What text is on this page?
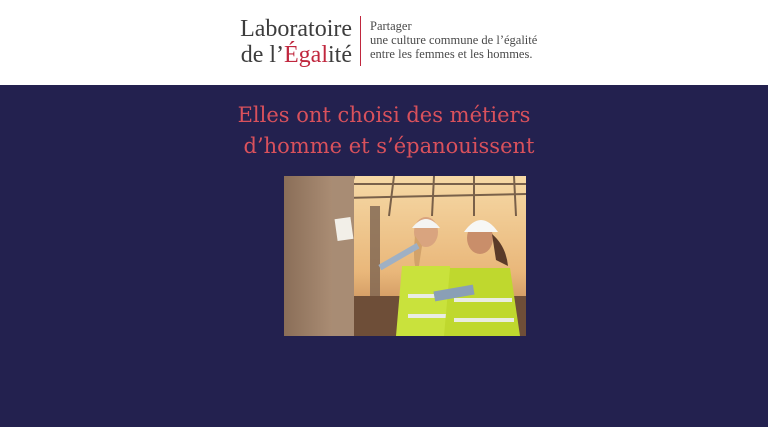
Laboratoire
de l’Égalité
Partager
une culture commune de l’égalité
entre les femmes et les hommes.
Elles ont choisi des métiers
d’homme et s’épanouissent
